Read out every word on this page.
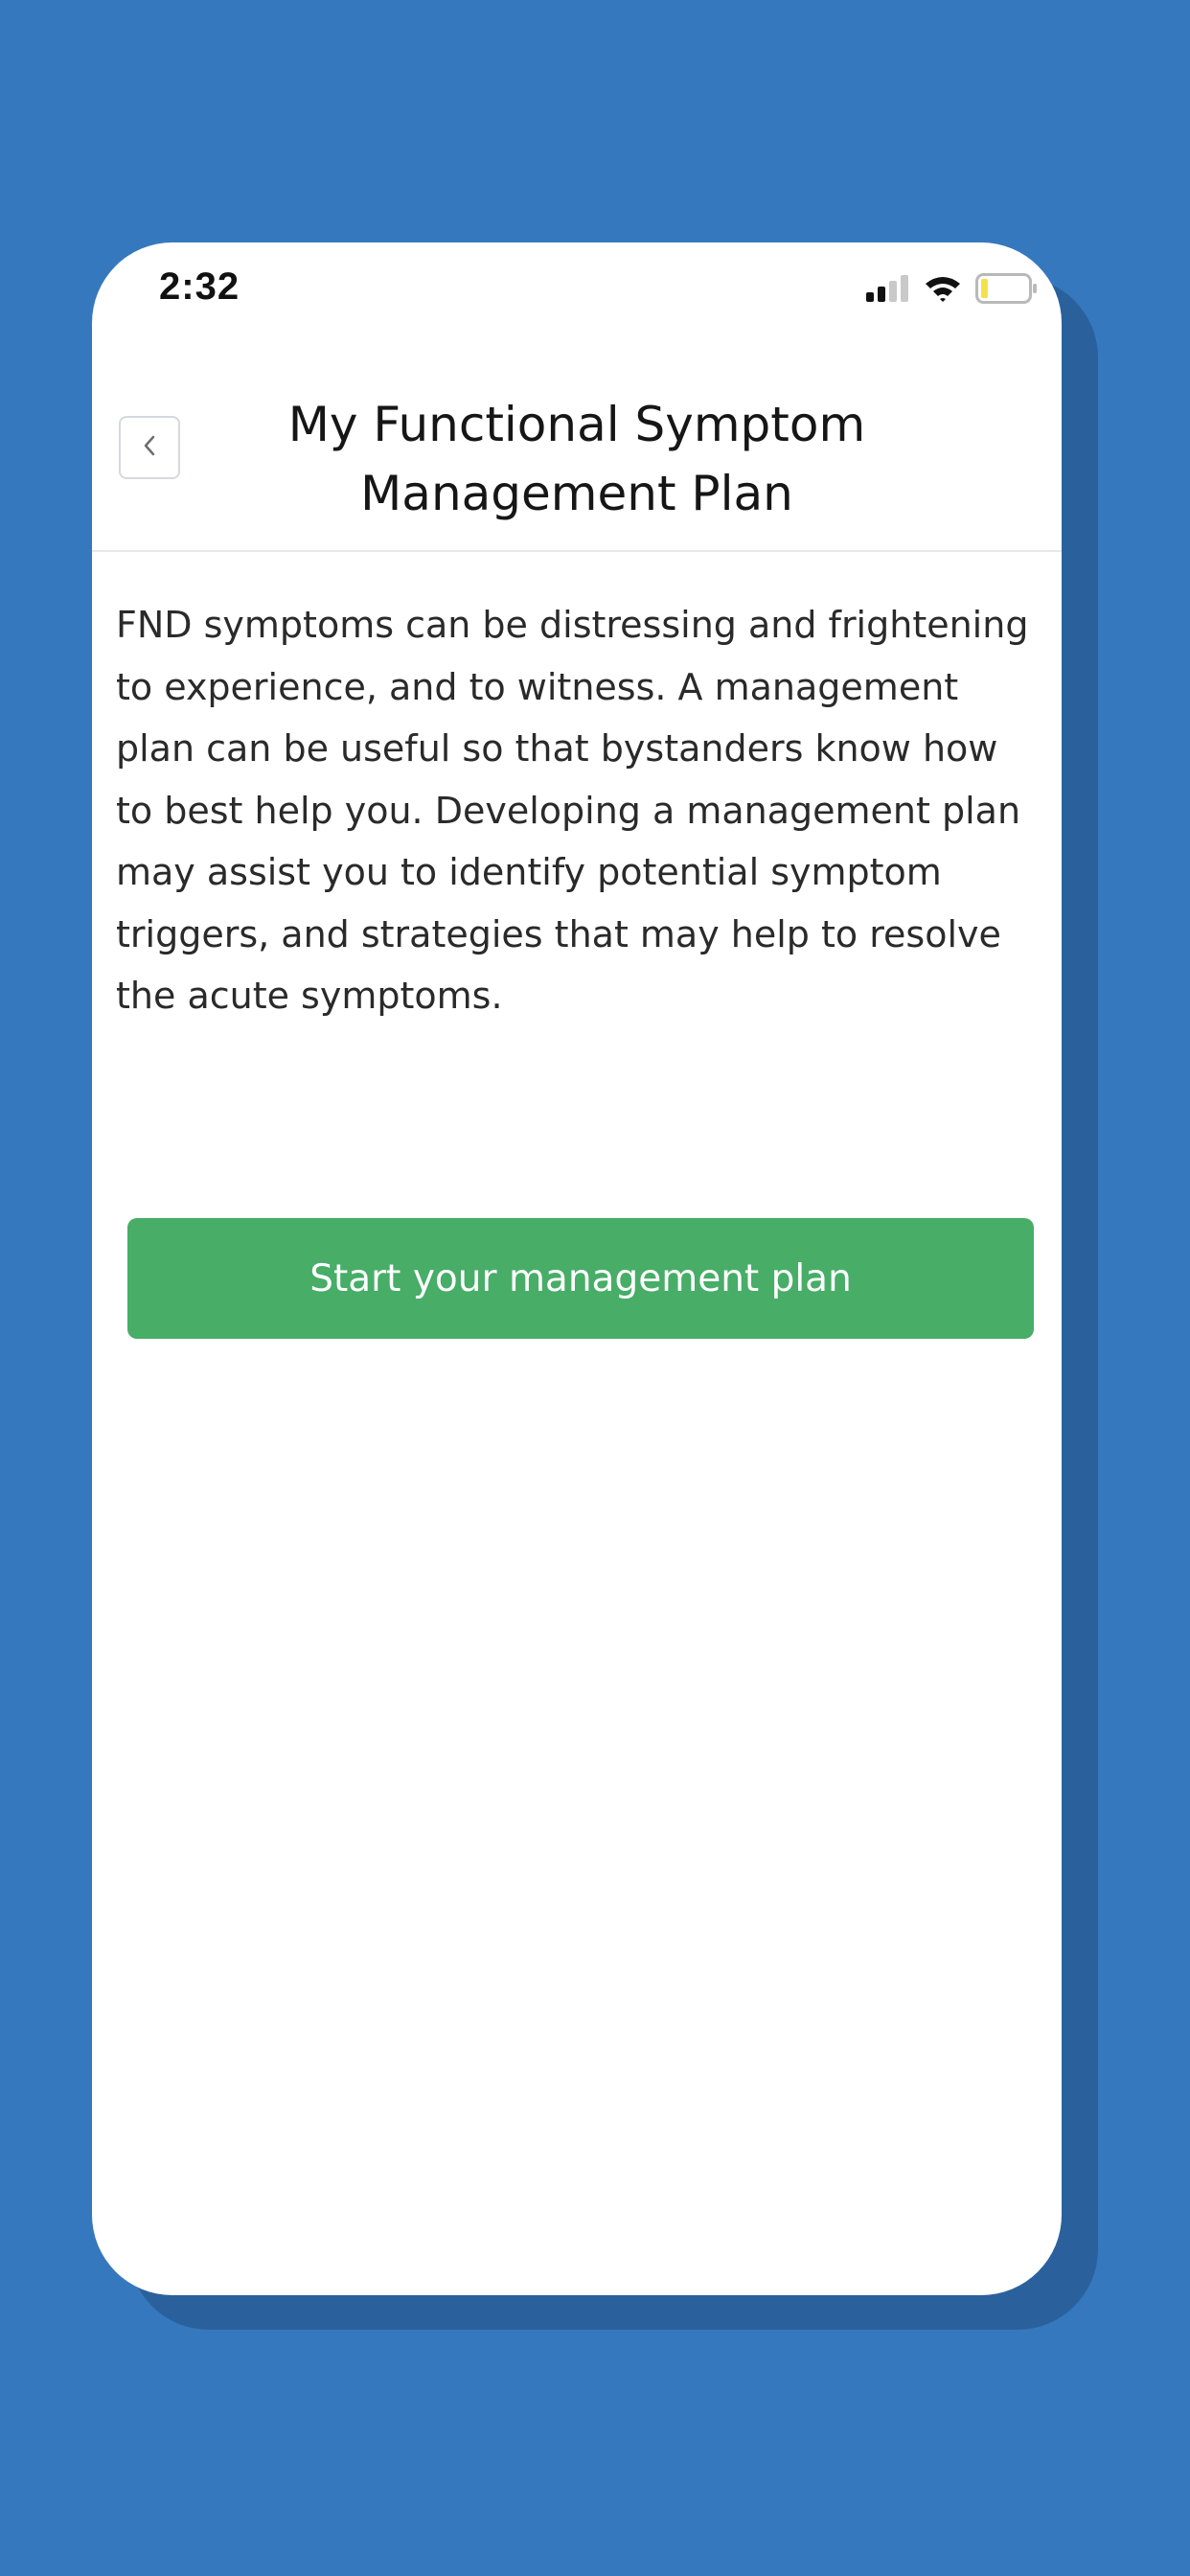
2:32
My Functional Symptom Management Plan

FND symptoms can be distressing and frightening to experience, and to witness. A management plan can be useful so that bystanders know how to best help you. Developing a management plan may assist you to identify potential symptom triggers, and strategies that may help to resolve the acute symptoms.

Start your management plan
